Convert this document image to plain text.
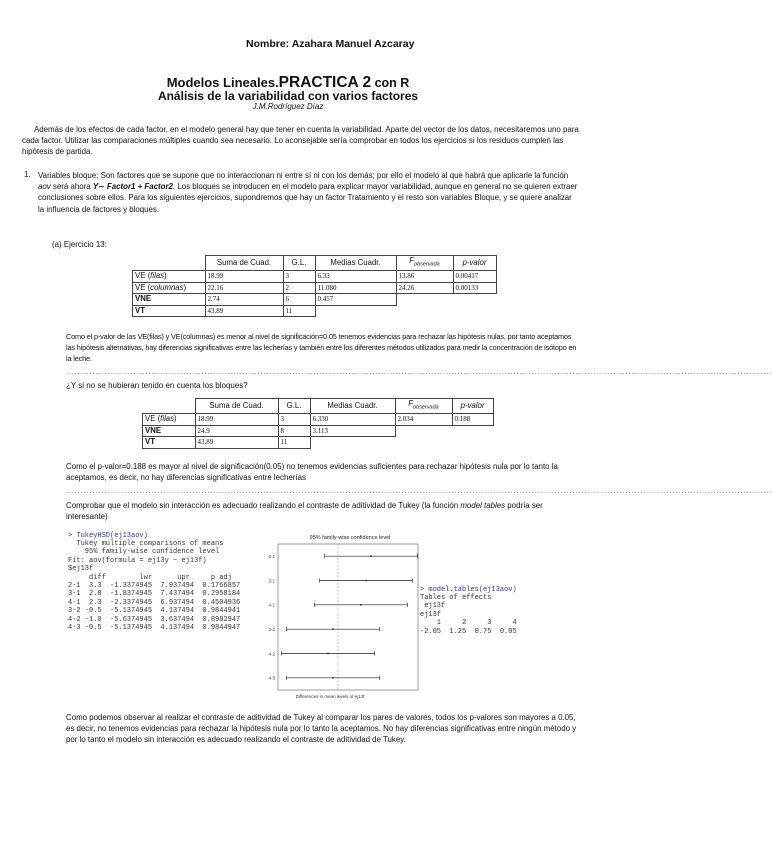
Nombre: Azahara Manuel Azcaray
Modelos Lineales.PRACTICA 2 con R
Análisis de la variabilidad con varios factores
J.M.Rodríguez Díaz
Además de los efectos de cada factor, en el modelo general hay que tener en cuenta la variabilidad. Aparte del vector de los datos, necesitaremos uno para cada factor. Utilizar las comparaciones múltiples cuando sea necesario. Lo aconsejable sería comprobar en todos los ejercicios si los residuos cumplen las hipótesis de partida.
1. Variables bloque: Son factores que se supone que no interaccionan ni entre sí ni con los demás; por ello el modelo al que habrá que aplicarle la función aov será ahora Y∼ Factor1 + Factor2. Los bloques se introducen en el modelo para explicar mayor variabilidad, aunque en general no se quieren extraer conclusiones sobre ellos. Para los siguientes ejercicios, supondremos que hay un factor Tratamiento y el resto son variables Bloque, y se quiere analizar la influencia de factores y bloques.
(a) Ejercicio 13:
	Suma de Cuad.	G.L.	Medias Cuadr.	$F_{observada}$	p-valor
VE (filas)	18.99	3	6.33	13.86	0.00417
VE (columnas)	22.16	2	11.080	24.26	0.00133
VNE	2.74	6	0.457		
VT	43.89	11			
Como el p-valor de las VE(filas) y VE(columnas) es menor al nivel de significación=0.05 tenemos evidencias para rechazar las hipótesis nulas, por tanto aceptamos las hipótesis alternativas, hay diferencias significativas entre las lecherías y también entre los diferentes métodos utilizados para medir la concentración de isótopo en la leche.
................................................................................................................................................................................................................................................
¿Y si no se hubieran tenido en cuenta los bloques?
	Suma de Cuad.	G.L.	Medias Cuadr.	$F_{observada}$	p-valor
VE (filas)	18.99	3	6.330	2.034	0.188
VNE	24.9	8	3.113		
VT	43.89	11			
Como el p-valor=0.188 es mayor al nivel de significación(0.05) no tenemos evidencias suficientes para rechazar hipótesis nula por lo tanto la aceptamos, es decir, no hay diferencias significativas entre lecherías
................................................................................................................................................................................................................................................
Comprobar que el modelo sin interacción es adecuado realizando el contraste de aditividad de Tukey (la función model tables podría ser interesante)
> TukeyHSD(ej13aov)
Tukey multiple comparisons of means
95% family-wise confidence level
Fit: aov(formula = ej13y ~ ej13f)
$ej13f
diff        lwr      upr     p adj
2-1  3.3  -1.3374945  7.937494  0.1766857
3-1  2.8  -1.8374945  7.437494  0.2958184
4-1  2.3  -2.3374945  6.937494  0.4504936
3-2 -0.5  -5.1374945  4.137494  0.9844941
4-2 -1.0  -5.6374945  3.637494  0.8982947
4-3 -0.5  -5.1374945  4.137494  0.9844947
95% family-wise confidence level
2-1
3-1
4-1
3-2
4-2
4-3
Differences in mean levels of ej13f
> model.tables(ej13aov)
Tables of effects
ej13f
ej13f
1     2     3     4
-2.05  1.25  0.75  0.05
Como podemos observar al realizar el contraste de aditividad de Tukey al comparar los pares de valores, todos los p-valores son mayores a 0.05, es decir, no tenemos evidencias para rechazar la hipótesis nula por lo tanto la aceptamos. No hay diferencias significativas entre ningún método y por lo tanto el modelo sin interacción es adecuado realizando el contraste de aditividad de Tukey.
